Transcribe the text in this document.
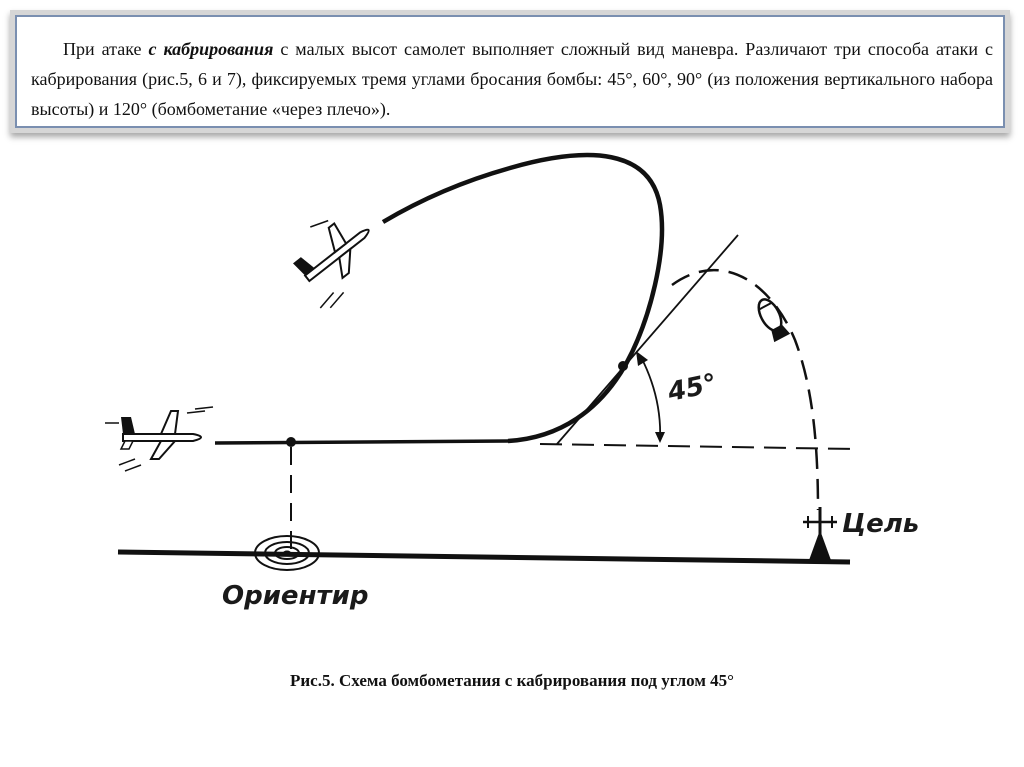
При атаке с кабрирования с малых высот самолет выполняет сложный вид маневра. Различают три способа атаки с кабрирования (рис.5, 6 и 7), фиксируемых тремя углами бросания бомбы: 45°, 60°, 90° (из положения вертикального набора высоты) и 120° (бомбометание «через плечо»).
45°
Ориентир
Цель
Рис.5. Схема бомбометания с кабрирования под углом 45°
